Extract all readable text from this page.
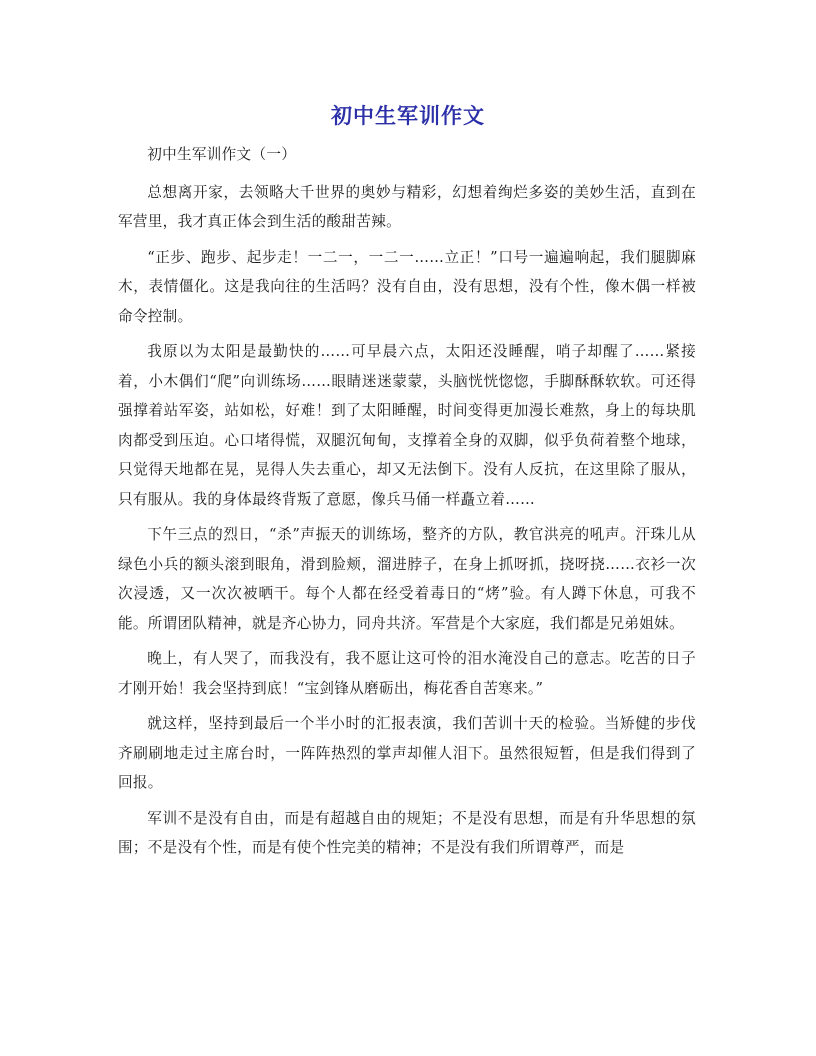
初中生军训作文

初中生军训作文（一）

总想离开家，去领略大千世界的奥妙与精彩，幻想着绚烂多姿的美妙生活，直到在军营里，我才真正体会到生活的酸甜苦辣。

“正步、跑步、起步走！一二一，一二一……立正！”口号一遍遍响起，我们腿脚麻木，表情僵化。这是我向往的生活吗？没有自由，没有思想，没有个性，像木偶一样被命令控制。

我原以为太阳是最勤快的……可早晨六点，太阳还没睡醒，哨子却醒了……紧接着，小木偶们“爬”向训练场……眼睛迷迷蒙蒙，头脑恍恍惚惚，手脚酥酥软软。可还得强撑着站军姿，站如松，好难！到了太阳睡醒，时间变得更加漫长难熬，身上的每块肌肉都受到压迫。心口堵得慌，双腿沉甸甸，支撑着全身的双脚，似乎负荷着整个地球，只觉得天地都在晃，晃得人失去重心，却又无法倒下。没有人反抗，在这里除了服从，只有服从。我的身体最终背叛了意愿，像兵马俑一样矗立着……

下午三点的烈日，“杀”声振天的训练场，整齐的方队，教官洪亮的吼声。汗珠儿从绿色小兵的额头滚到眼角，滑到脸颊，溜进脖子，在身上抓呀抓，挠呀挠……衣衫一次次浸透，又一次次被晒干。每个人都在经受着毒日的“烤”验。有人蹲下休息，可我不能。所谓团队精神，就是齐心协力，同舟共济。军营是个大家庭，我们都是兄弟姐妹。

晚上，有人哭了，而我没有，我不愿让这可怜的泪水淹没自己的意志。吃苦的日子才刚开始！我会坚持到底！“宝剑锋从磨砺出，梅花香自苦寒来。”

就这样，坚持到最后一个半小时的汇报表演，我们苦训十天的检验。当矫健的步伐齐刷刷地走过主席台时，一阵阵热烈的掌声却催人泪下。虽然很短暂，但是我们得到了回报。

军训不是没有自由，而是有超越自由的规矩；不是没有思想，而是有升华思想的氛围；不是没有个性，而是有使个性完美的精神；不是没有我们所谓尊严，而是
